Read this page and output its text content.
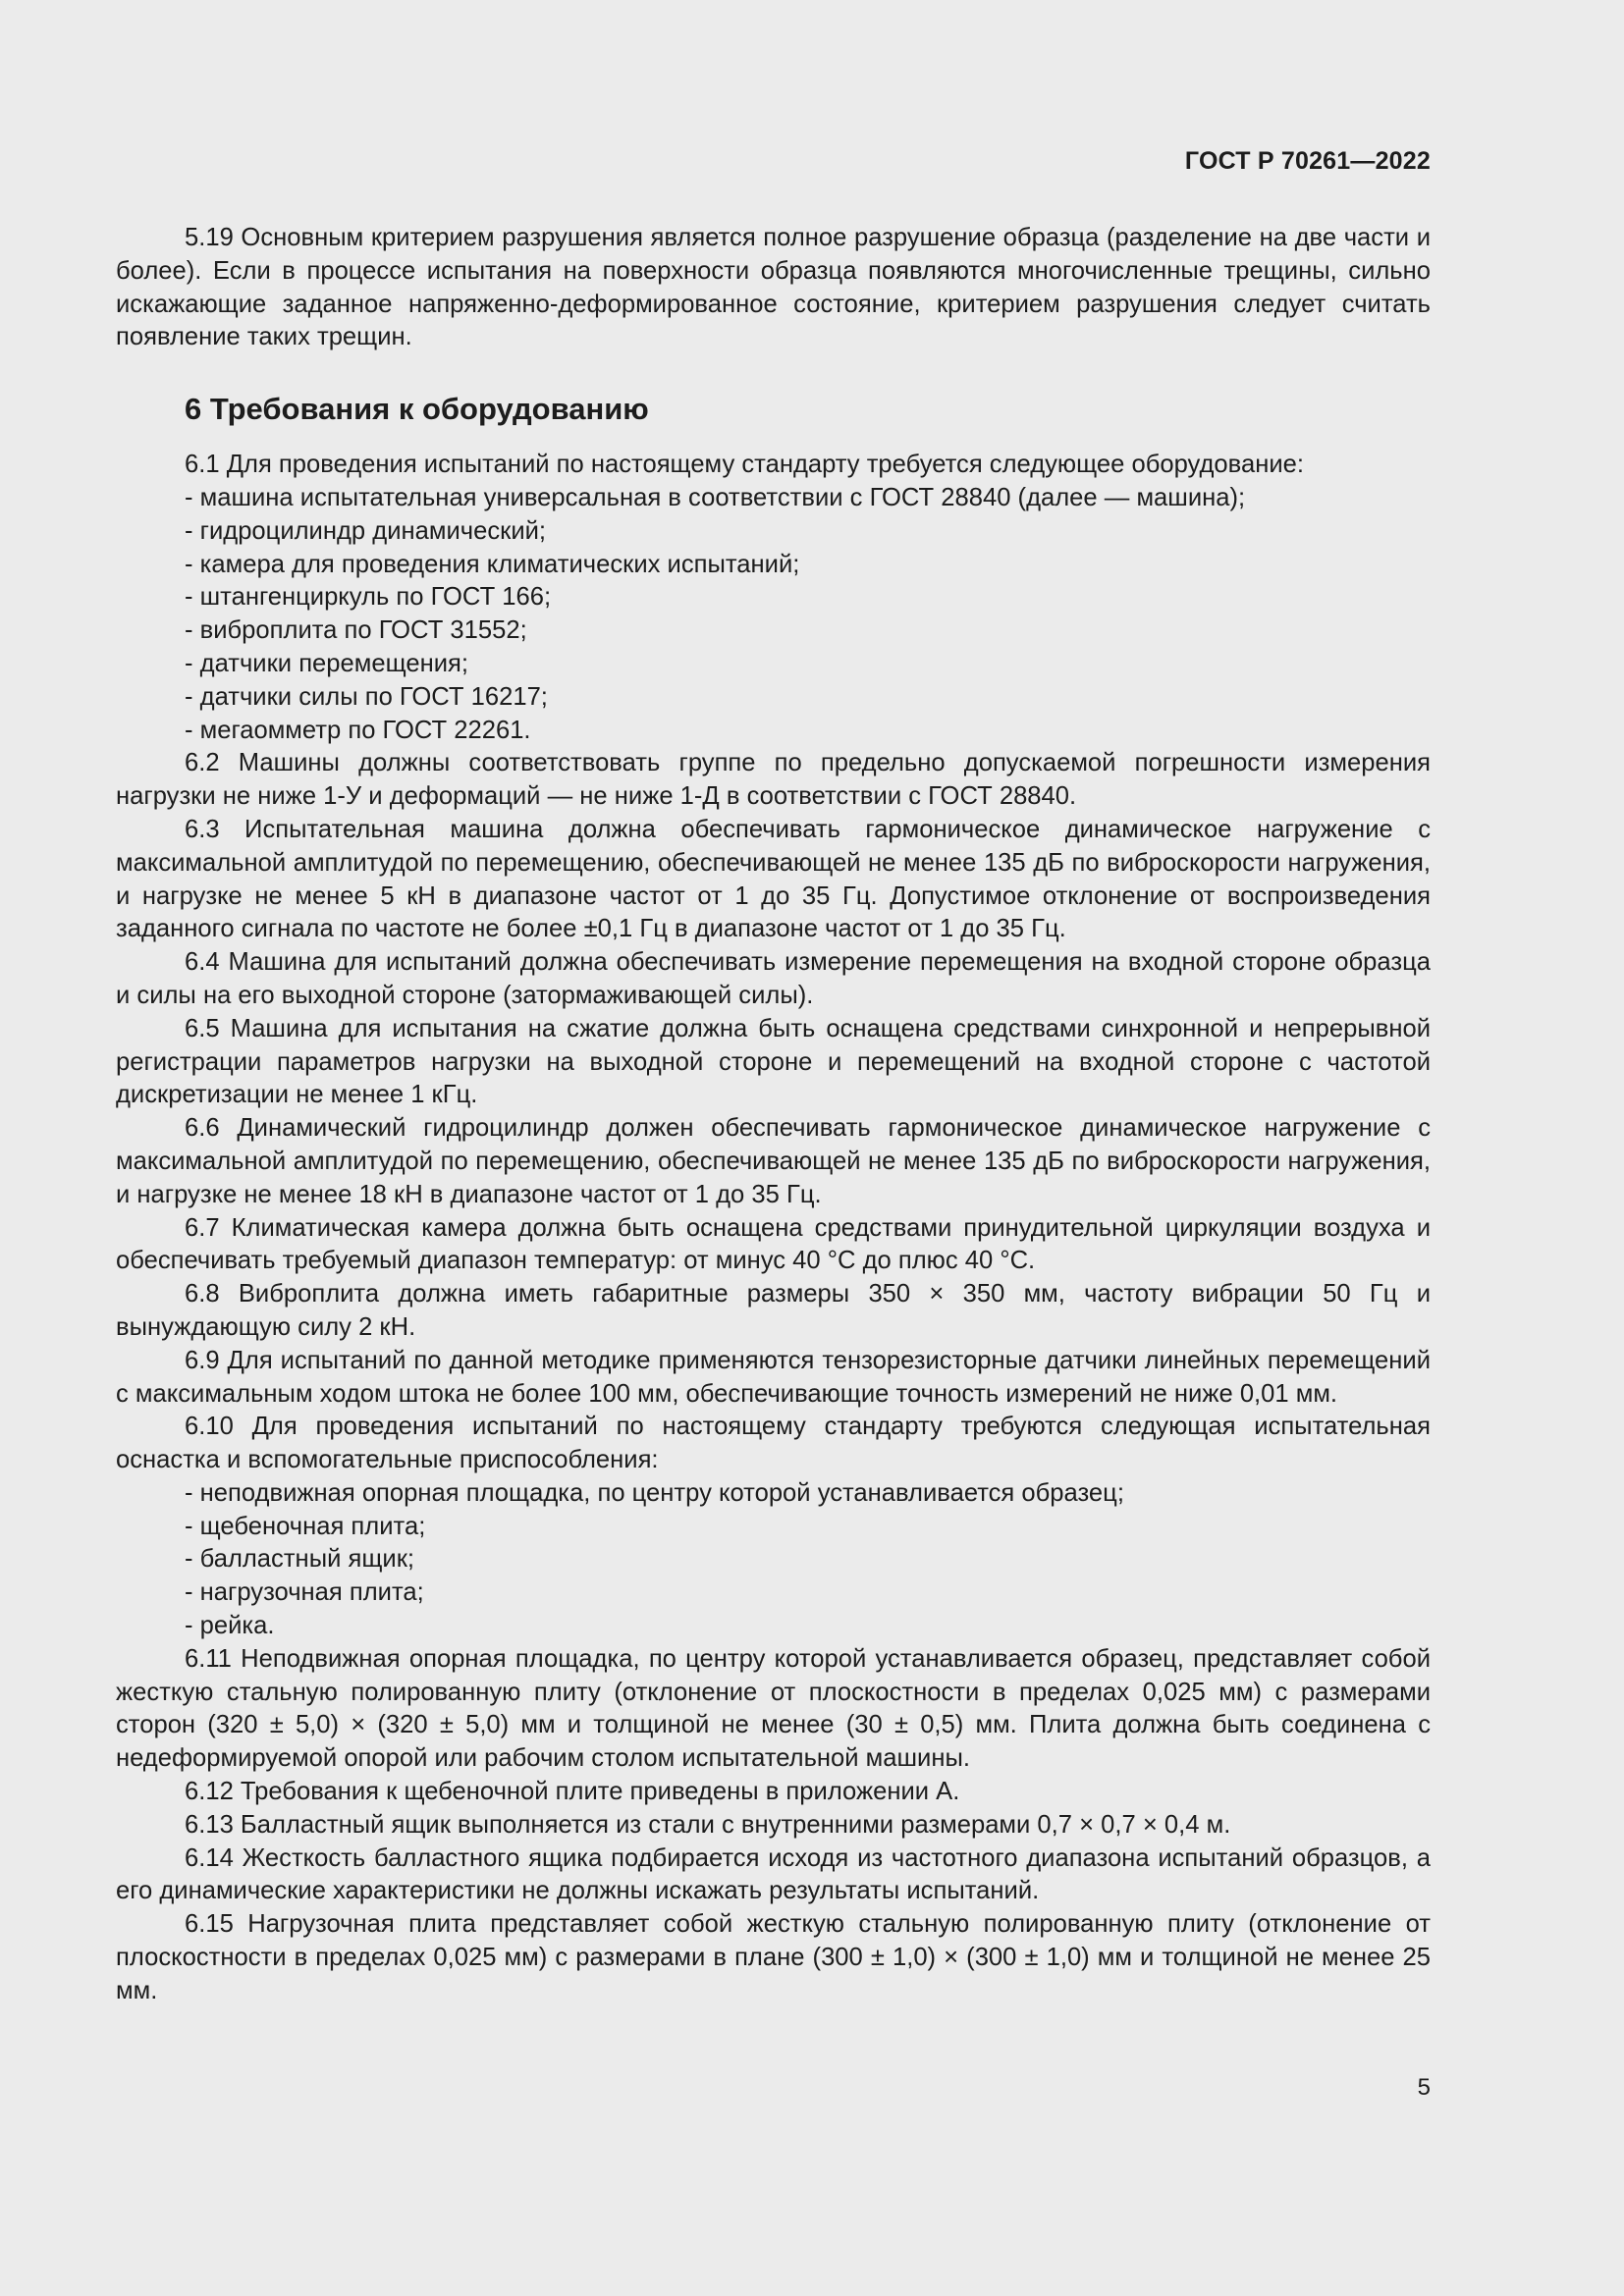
ГОСТ Р 70261—2022

5.19 Основным критерием разрушения является полное разрушение образца (разделение на две части и более). Если в процессе испытания на поверхности образца появляются многочисленные трещины, сильно искажающие заданное напряженно-деформированное состояние, критерием разрушения следует считать появление таких трещин.

6 Требования к оборудованию

6.1 Для проведения испытаний по настоящему стандарту требуется следующее оборудование:

- машина испытательная универсальная в соответствии с ГОСТ 28840 (далее — машина);

- гидроцилиндр динамический;

- камера для проведения климатических испытаний;

- штангенциркуль по ГОСТ 166;

- виброплита по ГОСТ 31552;

- датчики перемещения;

- датчики силы по ГОСТ 16217;

- мегаомметр по ГОСТ 22261.

6.2 Машины должны соответствовать группе по предельно допускаемой погрешности измерения нагрузки не ниже 1-У и деформаций — не ниже 1-Д в соответствии с ГОСТ 28840.

6.3 Испытательная машина должна обеспечивать гармоническое динамическое нагружение с максимальной амплитудой по перемещению, обеспечивающей не менее 135 дБ по виброскорости нагружения, и нагрузке не менее 5 кН в диапазоне частот от 1 до 35 Гц. Допустимое отклонение от воспроизведения заданного сигнала по частоте не более ±0,1 Гц в диапазоне частот от 1 до 35 Гц.

6.4 Машина для испытаний должна обеспечивать измерение перемещения на входной стороне образца и силы на его выходной стороне (затормаживающей силы).

6.5 Машина для испытания на сжатие должна быть оснащена средствами синхронной и непрерывной регистрации параметров нагрузки на выходной стороне и перемещений на входной стороне с частотой дискретизации не менее 1 кГц.

6.6 Динамический гидроцилиндр должен обеспечивать гармоническое динамическое нагружение с максимальной амплитудой по перемещению, обеспечивающей не менее 135 дБ по виброскорости нагружения, и нагрузке не менее 18 кН в диапазоне частот от 1 до 35 Гц.

6.7 Климатическая камера должна быть оснащена средствами принудительной циркуляции воздуха и обеспечивать требуемый диапазон температур: от минус 40 °С до плюс 40 °С.

6.8 Виброплита должна иметь габаритные размеры 350 × 350 мм, частоту вибрации 50 Гц и вынуждающую силу 2 кН.

6.9 Для испытаний по данной методике применяются тензорезисторные датчики линейных перемещений с максимальным ходом штока не более 100 мм, обеспечивающие точность измерений не ниже 0,01 мм.

6.10 Для проведения испытаний по настоящему стандарту требуются следующая испытательная оснастка и вспомогательные приспособления:

- неподвижная опорная площадка, по центру которой устанавливается образец;

- щебеночная плита;

- балластный ящик;

- нагрузочная плита;

- рейка.

6.11 Неподвижная опорная площадка, по центру которой устанавливается образец, представляет собой жесткую стальную полированную плиту (отклонение от плоскостности в пределах 0,025 мм) с размерами сторон (320 ± 5,0) × (320 ± 5,0) мм и толщиной не менее (30 ± 0,5) мм. Плита должна быть соединена с недеформируемой опорой или рабочим столом испытательной машины.

6.12 Требования к щебеночной плите приведены в приложении А.

6.13 Балластный ящик выполняется из стали с внутренними размерами 0,7 × 0,7 × 0,4 м.

6.14 Жесткость балластного ящика подбирается исходя из частотного диапазона испытаний образцов, а его динамические характеристики не должны искажать результаты испытаний.

6.15 Нагрузочная плита представляет собой жесткую стальную полированную плиту (отклонение от плоскостности в пределах 0,025 мм) с размерами в плане (300 ± 1,0) × (300 ± 1,0) мм и толщиной не менее 25 мм.

5
